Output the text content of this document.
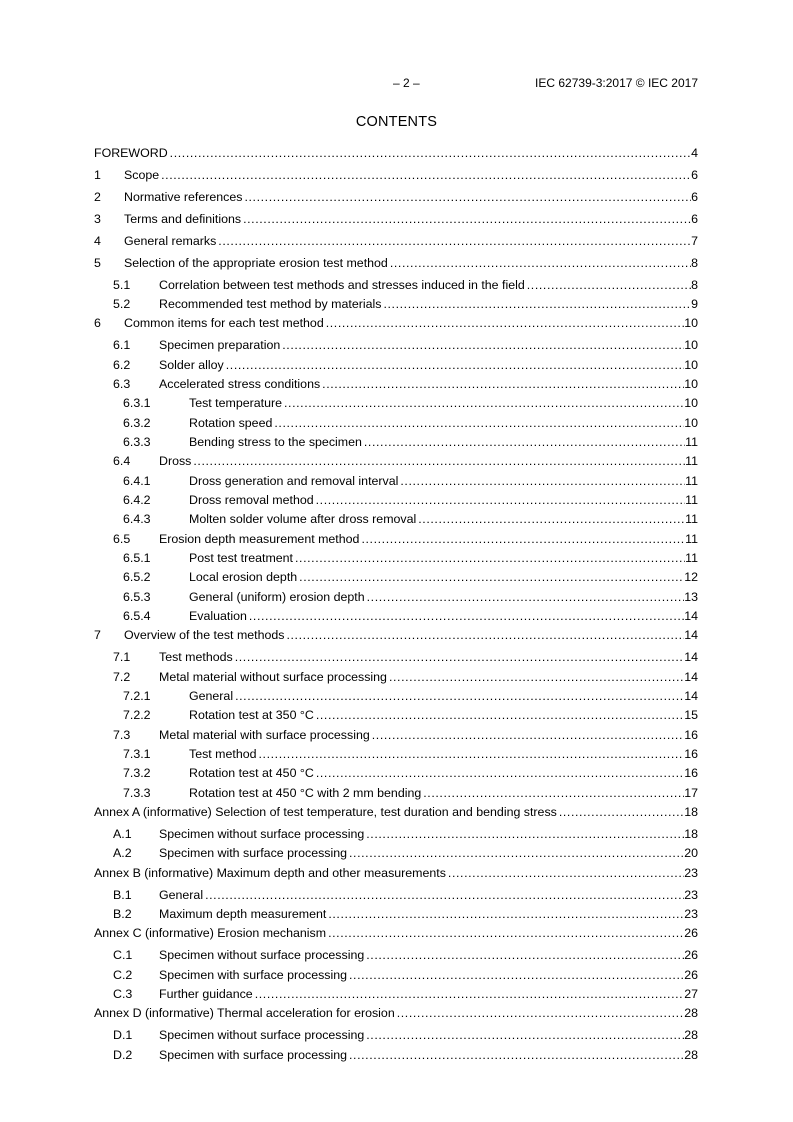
– 2 –	IEC 62739-3:2017 © IEC 2017
CONTENTS
FOREWORD .....	4
1	Scope .....	6
2	Normative references .....	6
3	Terms and definitions .....	6
4	General remarks .....	7
5	Selection of the appropriate erosion test method .....	8
5.1	Correlation between test methods and stresses induced in the field .....	8
5.2	Recommended test method by materials .....	9
6	Common items for each test method .....	10
6.1	Specimen preparation .....	10
6.2	Solder alloy .....	10
6.3	Accelerated stress conditions .....	10
6.3.1	Test temperature .....	10
6.3.2	Rotation speed .....	10
6.3.3	Bending stress to the specimen .....	11
6.4	Dross .....	11
6.4.1	Dross generation and removal interval .....	11
6.4.2	Dross removal method .....	11
6.4.3	Molten solder volume after dross removal .....	11
6.5	Erosion depth measurement method .....	11
6.5.1	Post test treatment .....	11
6.5.2	Local erosion depth .....	12
6.5.3	General (uniform) erosion depth .....	13
6.5.4	Evaluation .....	14
7	Overview of the test methods .....	14
7.1	Test methods .....	14
7.2	Metal material without surface processing .....	14
7.2.1	General .....	14
7.2.2	Rotation test at 350 °C .....	15
7.3	Metal material with surface processing .....	16
7.3.1	Test method .....	16
7.3.2	Rotation test at 450 °C .....	16
7.3.3	Rotation test at 450 °C with 2 mm bending .....	17
Annex A (informative) Selection of test temperature, test duration and bending stress .....	18
A.1	Specimen without surface processing .....	18
A.2	Specimen with surface processing .....	20
Annex B (informative) Maximum depth and other measurements .....	23
B.1	General .....	23
B.2	Maximum depth measurement .....	23
Annex C (informative) Erosion mechanism .....	26
C.1	Specimen without surface processing .....	26
C.2	Specimen with surface processing .....	26
C.3	Further guidance .....	27
Annex D (informative) Thermal acceleration for erosion .....	28
D.1	Specimen without surface processing .....	28
D.2	Specimen with surface processing .....	28
